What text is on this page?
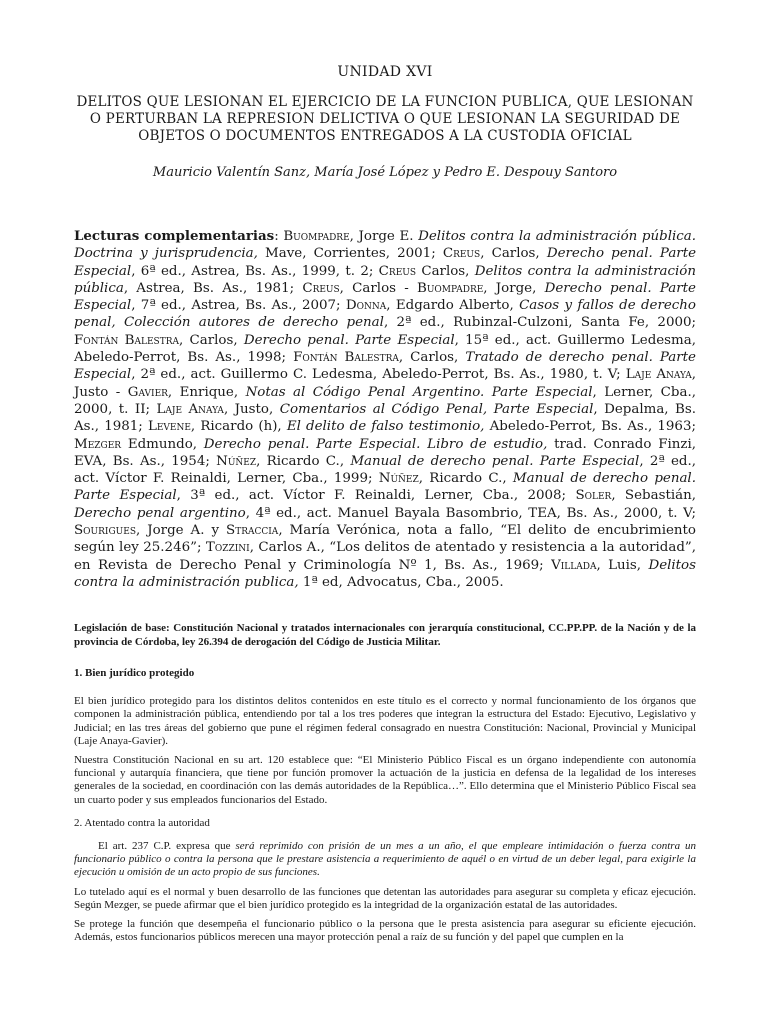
UNIDAD XVI

DELITOS QUE LESIONAN EL EJERCICIO DE LA FUNCION PUBLICA, QUE LESIONAN O PERTURBAN LA REPRESION DELICTIVA O QUE LESIONAN LA SEGURIDAD DE OBJETOS O DOCUMENTOS ENTREGADOS A LA CUSTODIA OFICIAL

Mauricio Valentín Sanz, María José López y Pedro E. Despouy Santoro

Lecturas complementarias: Buompadre, Jorge E. Delitos contra la administración pública. Doctrina y jurisprudencia, Mave, Corrientes, 2001; Creus, Carlos, Derecho penal. Parte Especial, 6ª ed., Astrea, Bs. As., 1999, t. 2; Creus Carlos, Delitos contra la administración pública, Astrea, Bs. As., 1981; Creus, Carlos - Buompadre, Jorge, Derecho penal. Parte Especial, 7ª ed., Astrea, Bs. As., 2007; Donna, Edgardo Alberto, Casos y fallos de derecho penal, Colección autores de derecho penal, 2ª ed., Rubinzal-Culzoni, Santa Fe, 2000; Fontán Balestra, Carlos, Derecho penal. Parte Especial, 15ª ed., act. Guillermo Ledesma, Abeledo-Perrot, Bs. As., 1998; Fontán Balestra, Carlos, Tratado de derecho penal. Parte Especial, 2ª ed., act. Guillermo C. Ledesma, Abeledo-Perrot, Bs. As., 1980, t. V; Laje Anaya, Justo - Gavier, Enrique, Notas al Código Penal Argentino. Parte Especial, Lerner, Cba., 2000, t. II; Laje Anaya, Justo, Comentarios al Código Penal, Parte Especial, Depalma, Bs. As., 1981; Levene, Ricardo (h), El delito de falso testimonio, Abeledo-Perrot, Bs. As., 1963; Mezger Edmundo, Derecho penal. Parte Especial. Libro de estudio, trad. Conrado Finzi, EVA, Bs. As., 1954; Núñez, Ricardo C., Manual de derecho penal. Parte Especial, 2ª ed., act. Víctor F. Reinaldi, Lerner, Cba., 1999; Núñez, Ricardo C., Manual de derecho penal. Parte Especial, 3ª ed., act. Víctor F. Reinaldi, Lerner, Cba., 2008; Soler, Sebastián, Derecho penal argentino, 4ª ed., act. Manuel Bayala Basombrio, TEA, Bs. As., 2000, t. V; Sourigues, Jorge A. y Straccia, María Verónica, nota a fallo, “El delito de encubrimiento según ley 25.246”; Tozzini, Carlos A., “Los delitos de atentado y resistencia a la autoridad”, en Revista de Derecho Penal y Criminología Nº 1, Bs. As., 1969; Villada, Luis, Delitos contra la administración publica, 1ª ed, Advocatus, Cba., 2005.

Legislación de base: Constitución Nacional y tratados internacionales con jerarquía constitucional, CC.PP.PP. de la Nación y de la provincia de Córdoba, ley 26.394 de derogación del Código de Justicia Militar.

1. Bien jurídico protegido

El bien jurídico protegido para los distintos delitos contenidos en este título es el correcto y normal funcionamiento de los órganos que componen la administración pública, entendiendo por tal a los tres poderes que integran la estructura del Estado: Ejecutivo, Legislativo y Judicial; en las tres áreas del gobierno que pune el régimen federal consagrado en nuestra Constitución: Nacional, Provincial y Municipal (Laje Anaya-Gavier).

Nuestra Constitución Nacional en su art. 120 establece que: “El Ministerio Público Fiscal es un órgano independiente con autonomía funcional y autarquía financiera, que tiene por función promover la actuación de la justicia en defensa de la legalidad de los intereses generales de la sociedad, en coordinación con las demás autoridades de la República…”. Ello determina que el Ministerio Público Fiscal sea un cuarto poder y sus empleados funcionarios del Estado.

2. Atentado contra la autoridad

El art. 237 C.P. expresa que será reprimido con prisión de un mes a un año, el que empleare intimidación o fuerza contra un funcionario público o contra la persona que le prestare asistencia a requerimiento de aquél o en virtud de un deber legal, para exigirle la ejecución u omisión de un acto propio de sus funciones.

Lo tutelado aquí es el normal y buen desarrollo de las funciones que detentan las autoridades para asegurar su completa y eficaz ejecución. Según Mezger, se puede afirmar que el bien jurídico protegido es la integridad de la organización estatal de las autoridades.

Se protege la función que desempeña el funcionario público o la persona que le presta asistencia para asegurar su eficiente ejecución. Además, estos funcionarios públicos merecen una mayor protección penal a raíz de su función y del papel que cumplen en la
